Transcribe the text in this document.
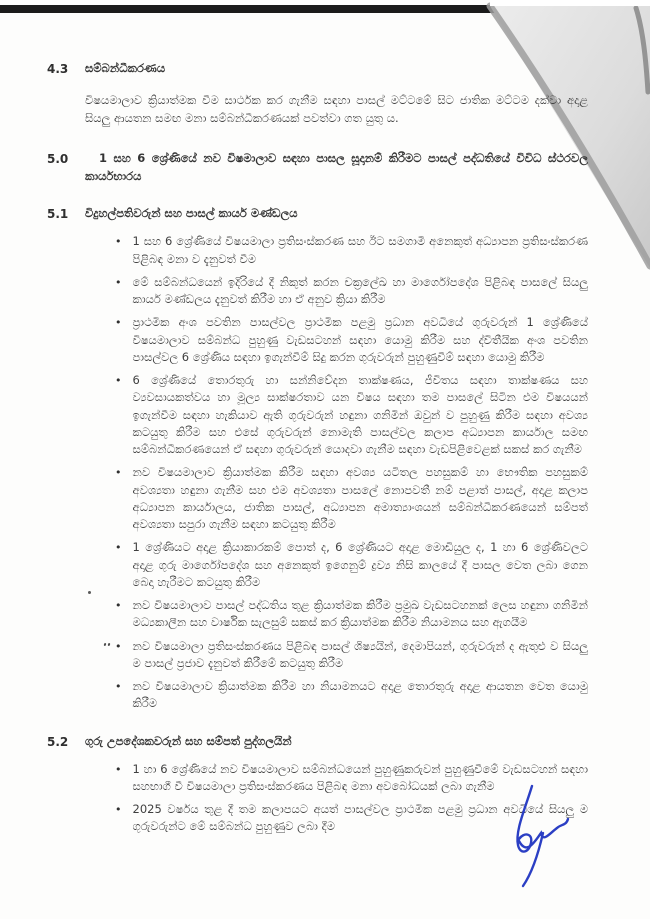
4.3	සම්බන්ධීකරණය

විෂයමාලාව ක්‍රියාත්මක වීම සාර්ථක කර ගැනීම සඳහා පාසල් මට්ටමේ සිට ජාතික මට්ටම දක්වා අදාළ සියලු ආයතන සමඟ මනා සම්බන්ධීකරණයක් පවත්වා ගත යුතු ය.

5.0	1 සහ 6 ශ්‍රේණියේ නව විෂමාලාව සඳහා පාසල සූදානම් කිරීමට පාසල් පද්ධතියේ විවිධ ස්ථරවල කාර්යභාරය
5.1	විදුහල්පතිවරුන් සහ පාසල් කාර්ය මණ්ඩලය
• 1 සහ 6 ශ්‍රේණියේ විෂයමාලා ප්‍රතිසංස්කරණ සහ ඊට සමගාමී අනෙකුත් අධ්‍යාපන ප්‍රතිසංස්කරණ පිළිබඳ මනා ව දැනුවත් වීම
• මේ සම්බන්ධයෙන් ඉදිරියේ දී නිකුත් කරන චක්‍රලේඛ හා මාර්ගෝපදේශ පිළිබඳ පාසලේ සියලු කාර්ය මණ්ඩලය දැනුවත් කිරීම හා ඒ අනුව ක්‍රියා කිරීම
• ප්‍රාථමික අංශ පවතින පාසල්වල ප්‍රාථමික පළමු ප්‍රධාන අවධියේ ගුරුවරුන් 1 ශ්‍රේණියේ විෂයමාලාව සම්බන්ධ පුහුණු වැඩසටහන් සඳහා යොමු කිරීම සහ ද්විතීයික අංශ පවතින පාසල්වල 6 ශ්‍රේණිය සඳහා ඉගැන්වීම් සිදු කරන ගුරුවරුන් පුහුණුවීම් සඳහා යොමු කිරීම
• 6 ශ්‍රේණියේ තොරතුරු හා සන්නිවේදන තාක්ෂණය, ජීවිතය සඳහා තාක්ෂණය සහ ව්‍යවසායකත්වය හා මූල්‍ය සාක්ෂරතාව යන විෂය සඳහා තම පාසලේ සිටින එම විෂයයන් ඉගැන්වීම සඳහා හැකියාව ඇති ගුරුවරුන් හඳුනා ගනිමින් ඔවුන් ව පුහුණු කිරීම සඳහා අවශ්‍ය කටයුතු කිරීම සහ එසේ ගුරුවරුන් නොමැති පාසල්වල කලාප අධ්‍යාපන කාර්යාල සමඟ සම්බන්ධීකරණයෙන් ඒ සඳහා ගුරුවරුන් යොදවා ගැනීම සඳහා වැඩපිළිවෙළක් සකස් කර ගැනීම
• නව විෂයමාලාව ක්‍රියාත්මක කිරීම සඳහා අවශ්‍ය යටිතල පහසුකම් හා භෞතික පහසුකම් අවශ්‍යතා හඳුනා ගැනීම සහ එම අවශ්‍යතා පාසලේ නොපවතී නම් පළාත් පාසල්, අදාළ කලාප අධ්‍යාපන කාර්යාලය, ජාතික පාසල්, අධ්‍යාපන අමාත්‍යාංශයන් සම්බන්ධීකරණයෙන් සම්පත් අවශ්‍යතා සපුරා ගැනීම සඳහා කටයුතු කිරීම
• 1 ශ්‍රේණියට අදාළ ක්‍රියාකාරකම් පොත් ද, 6 ශ්‍රේණියට අදාළ මොඩියුල ද, 1 හා 6 ශ්‍රේණිවලට අදාළ ගුරු මාර්ගෝපදේශ සහ අනෙකුත් ඉගෙනුම් ද්‍රව්‍ය නිසි කාලයේ දී පාසල වෙත ලබා ගෙන බෙදා හැරීමට කටයුතු කිරීම
• නව විෂයමාලාව පාසල් පද්ධතිය තුළ ක්‍රියාත්මක කිරීම ප්‍රමුඛ වැඩසටහනක් ලෙස හඳුනා ගනිමින් මධ්‍යකාලීන සහ වාර්ෂික සැලසුම් සකස් කර ක්‍රියාත්මක කිරීම නියාමනය සහ ඇගයීම
• නව විෂයමාලා ප්‍රතිසංස්කරණය පිළිබඳ පාසල් ශිෂ්‍යයින්, දෙමාපියන්, ගුරුවරුන් ද ඇතුළු ව සියලු ම පාසල් ප්‍රජාව දැනුවත් කිරීමේ කටයුතු කිරීම
• නව විෂයමාලාව ක්‍රියාත්මක කිරීම හා නියාමනයට අදාළ තොරතුරු අදාළ ආයතන වෙත යොමු කිරීම
5.2	ගුරු උපදේශකවරුන් සහ සම්පත් පුද්ගලයින්
• 1 හා 6 ශ්‍රේණියේ නව විෂයමාලාව සම්බන්ධයෙන් පුහුණුකරුවන් පුහුණුවීමේ වැඩසටහන් සඳහා සහභාගී වී විෂයමාලා ප්‍රතිසංස්කරණය පිළිබඳ මනා අවබෝධයක් ලබා ගැනීම
• 2025 වර්ෂය තුළ දී තම කලාපයට අයත් පාසල්වල ප්‍රාථමික පළමු ප්‍රධාන අවධියේ සියලු ම ගුරුවරුන්ට මේ සම්බන්ධ පුහුණුව ලබා දීම
